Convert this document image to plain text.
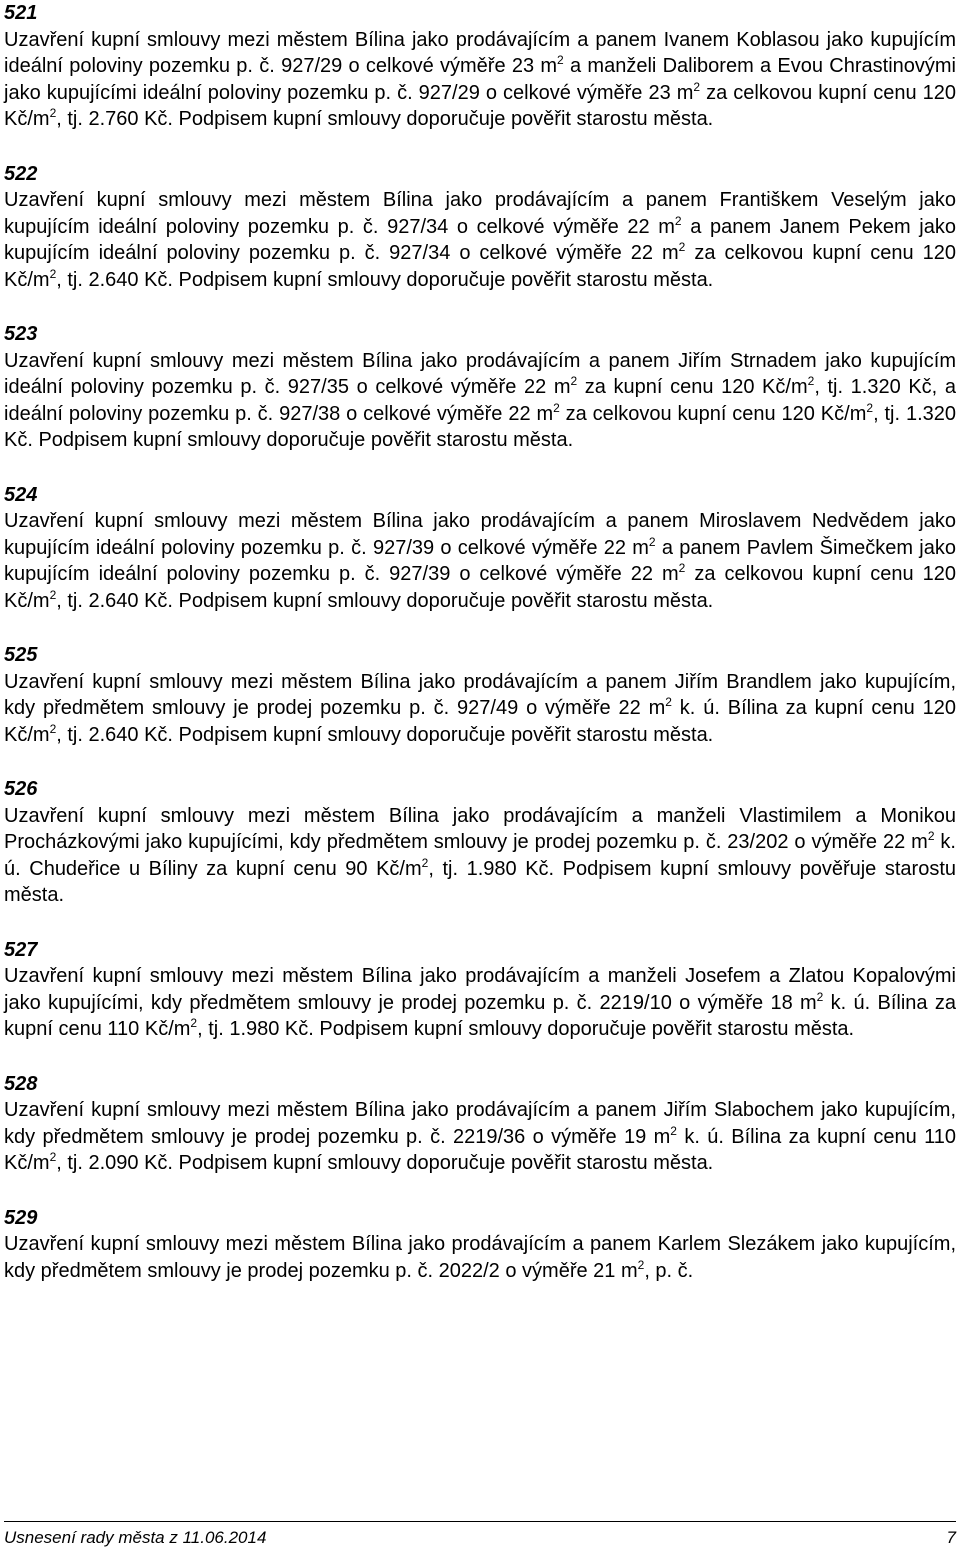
521
Uzavření kupní smlouvy mezi městem Bílina jako prodávajícím a panem Ivanem Koblasou jako kupujícím ideální poloviny pozemku p. č. 927/29 o celkové výměře 23 $m^2$ a manželi Daliborem a Evou Chrastinovými jako kupujícími ideální poloviny pozemku p. č. 927/29 o celkové výměře 23 $m^2$ za celkovou kupní cenu 120 $Kč/m^2$, tj. 2.760 Kč. Podpisem kupní smlouvy doporučuje pověřit starostu města.
522
Uzavření kupní smlouvy mezi městem Bílina jako prodávajícím a panem Františkem Veselým jako kupujícím ideální poloviny pozemku p. č. 927/34 o celkové výměře 22 $m^2$ a panem Janem Pekem jako kupujícím ideální poloviny pozemku p. č. 927/34 o celkové výměře 22 $m^2$ za celkovou kupní cenu 120 $Kč/m^2$, tj. 2.640 Kč. Podpisem kupní smlouvy doporučuje pověřit starostu města.
523
Uzavření kupní smlouvy mezi městem Bílina jako prodávajícím a panem Jiřím Strnadem jako kupujícím ideální poloviny pozemku p. č. 927/35 o celkové výměře 22 $m^2$ za kupní cenu 120 $Kč/m^2$, tj. 1.320 Kč, a ideální poloviny pozemku p. č. 927/38 o celkové výměře 22 $m^2$ za celkovou kupní cenu 120 $Kč/m^2$, tj. 1.320 Kč. Podpisem kupní smlouvy doporučuje pověřit starostu města.
524
Uzavření kupní smlouvy mezi městem Bílina jako prodávajícím a panem Miroslavem Nedvědem jako kupujícím ideální poloviny pozemku p. č. 927/39 o celkové výměře 22 $m^2$ a panem Pavlem Šimečkem jako kupujícím ideální poloviny pozemku p. č. 927/39 o celkové výměře 22 $m^2$ za celkovou kupní cenu 120 $Kč/m^2$, tj. 2.640 Kč. Podpisem kupní smlouvy doporučuje pověřit starostu města.
525
Uzavření kupní smlouvy mezi městem Bílina jako prodávajícím a panem Jiřím Brandlem jako kupujícím, kdy předmětem smlouvy je prodej pozemku p. č. 927/49 o výměře 22 $m^2$ k. ú. Bílina za kupní cenu 120 $Kč/m^2$, tj. 2.640 Kč. Podpisem kupní smlouvy doporučuje pověřit starostu města.
526
Uzavření kupní smlouvy mezi městem Bílina jako prodávajícím a manželi Vlastimilem a Monikou Procházkovými jako kupujícími, kdy předmětem smlouvy je prodej pozemku p. č. 23/202 o výměře 22 $m^2$ k. ú. Chudeřice u Bíliny za kupní cenu 90 $Kč/m^2$, tj. 1.980 Kč. Podpisem kupní smlouvy pověřuje starostu města.
527
Uzavření kupní smlouvy mezi městem Bílina jako prodávajícím a manželi Josefem a Zlatou Kopalovými jako kupujícími, kdy předmětem smlouvy je prodej pozemku p. č. 2219/10 o výměře 18 $m^2$ k. ú. Bílina za kupní cenu 110 $Kč/m^2$, tj. 1.980 Kč. Podpisem kupní smlouvy doporučuje pověřit starostu města.
528
Uzavření kupní smlouvy mezi městem Bílina jako prodávajícím a panem Jiřím Slabochem jako kupujícím, kdy předmětem smlouvy je prodej pozemku p. č. 2219/36 o výměře 19 $m^2$ k. ú. Bílina za kupní cenu 110 $Kč/m^2$, tj. 2.090 Kč. Podpisem kupní smlouvy doporučuje pověřit starostu města.
529
Uzavření kupní smlouvy mezi městem Bílina jako prodávajícím a panem Karlem Slezákem jako kupujícím, kdy předmětem smlouvy je prodej pozemku p. č. 2022/2 o výměře 21 $m^2$, p. č.
Usnesení rady města z 11.06.2014	7
